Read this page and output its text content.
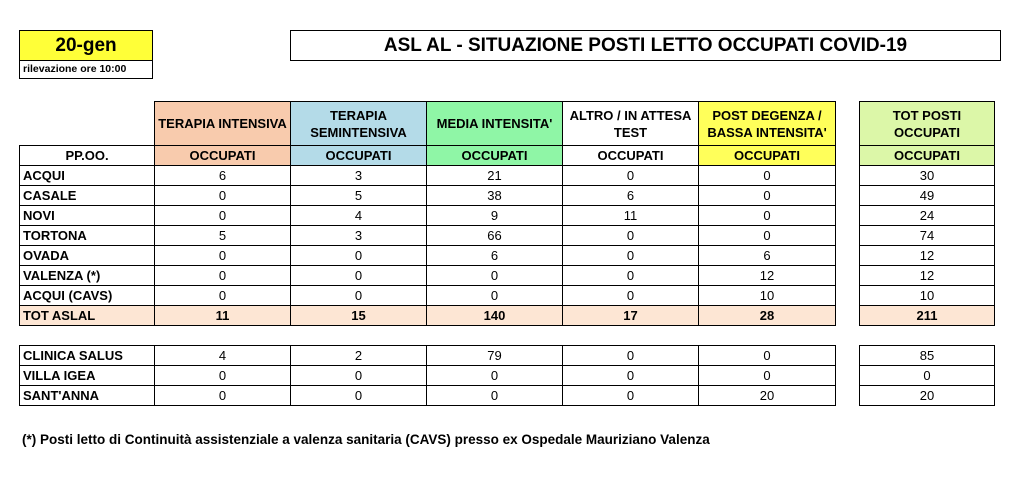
20-gen
rilevazione ore 10:00
ASL AL - SITUAZIONE POSTI LETTO OCCUPATI COVID-19
	TERAPIA INTENSIVA	TERAPIA SEMINTENSIVA	MEDIA INTENSITA'	ALTRO / IN ATTESA TEST	POST DEGENZA / BASSA INTENSITA'		TOT POSTI OCCUPATI
PP.OO.	OCCUPATI	OCCUPATI	OCCUPATI	OCCUPATI	OCCUPATI		OCCUPATI
ACQUI	6	3	21	0	0		30
CASALE	0	5	38	6	0		49
NOVI	0	4	9	11	0		24
TORTONA	5	3	66	0	0		74
OVADA	0	0	6	0	6		12
VALENZA (*)	0	0	0	0	12		12
ACQUI (CAVS)	0	0	0	0	10		10
TOT ASLAL	11	15	140	17	28		211
CLINICA SALUS	4	2	79	0	0		85
VILLA IGEA	0	0	0	0	0		0
SANT'ANNA	0	0	0	0	20		20
(*) Posti letto di Continuità assistenziale a valenza sanitaria (CAVS) presso ex Ospedale Mauriziano Valenza
